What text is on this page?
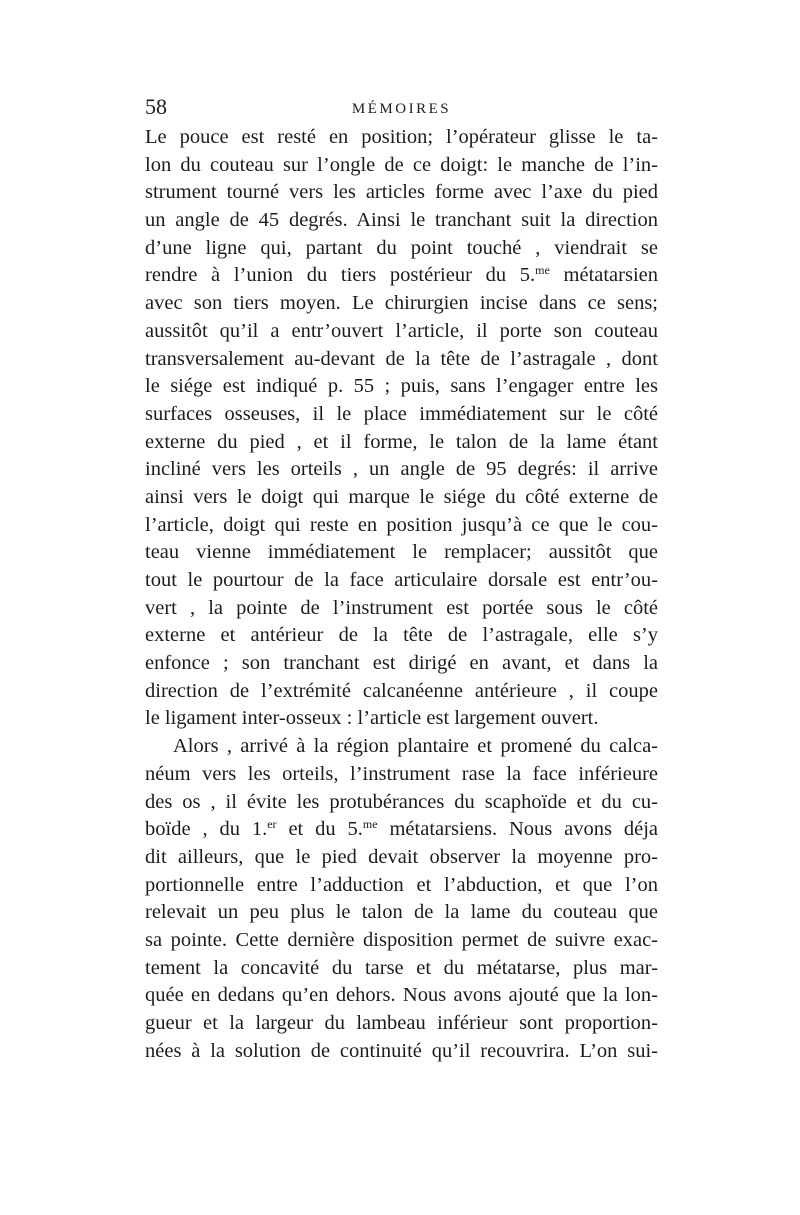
58	MÉMOIRES
Le pouce est resté en position; l’opérateur glisse le ta-
lon du couteau sur l’ongle de ce doigt: le manche de l’in-
strument tourné vers les articles forme avec l’axe du pied
un angle de 45 degrés. Ainsi le tranchant suit la direction
d’une ligne qui, partant du point touché , viendrait se
rendre à l’union du tiers postérieur du 5.$^{me}$ métatarsien
avec son tiers moyen. Le chirurgien incise dans ce sens;
aussitôt qu’il a entr’ouvert l’article, il porte son couteau
transversalement au-devant de la tête de l’astragale , dont
le siége est indiqué p. 55 ; puis, sans l’engager entre les
surfaces osseuses, il le place immédiatement sur le côté
externe du pied , et il forme, le talon de la lame étant
incliné vers les orteils , un angle de 95 degrés: il arrive
ainsi vers le doigt qui marque le siége du côté externe de
l’article, doigt qui reste en position jusqu’à ce que le cou-
teau vienne immédiatement le remplacer; aussitôt que
tout le pourtour de la face articulaire dorsale est entr’ou-
vert , la pointe de l’instrument est portée sous le côté
externe et antérieur de la tête de l’astragale, elle s’y
enfonce ; son tranchant est dirigé en avant, et dans la
direction de l’extrémité calcanéenne antérieure , il coupe
le ligament inter-osseux : l’article est largement ouvert.
Alors , arrivé à la région plantaire et promené du calca-
néum vers les orteils, l’instrument rase la face inférieure
des os , il évite les protubérances du scaphoïde et du cu-
boïde , du 1.$^{er}$ et du 5.$^{me}$ métatarsiens. Nous avons déja
dit ailleurs, que le pied devait observer la moyenne pro-
portionnelle entre l’adduction et l’abduction, et que l’on
relevait un peu plus le talon de la lame du couteau que
sa pointe. Cette dernière disposition permet de suivre exac-
tement la concavité du tarse et du métatarse, plus mar-
quée en dedans qu’en dehors. Nous avons ajouté que la lon-
gueur et la largeur du lambeau inférieur sont proportion-
nées à la solution de continuité qu’il recouvrira. L’on sui-
